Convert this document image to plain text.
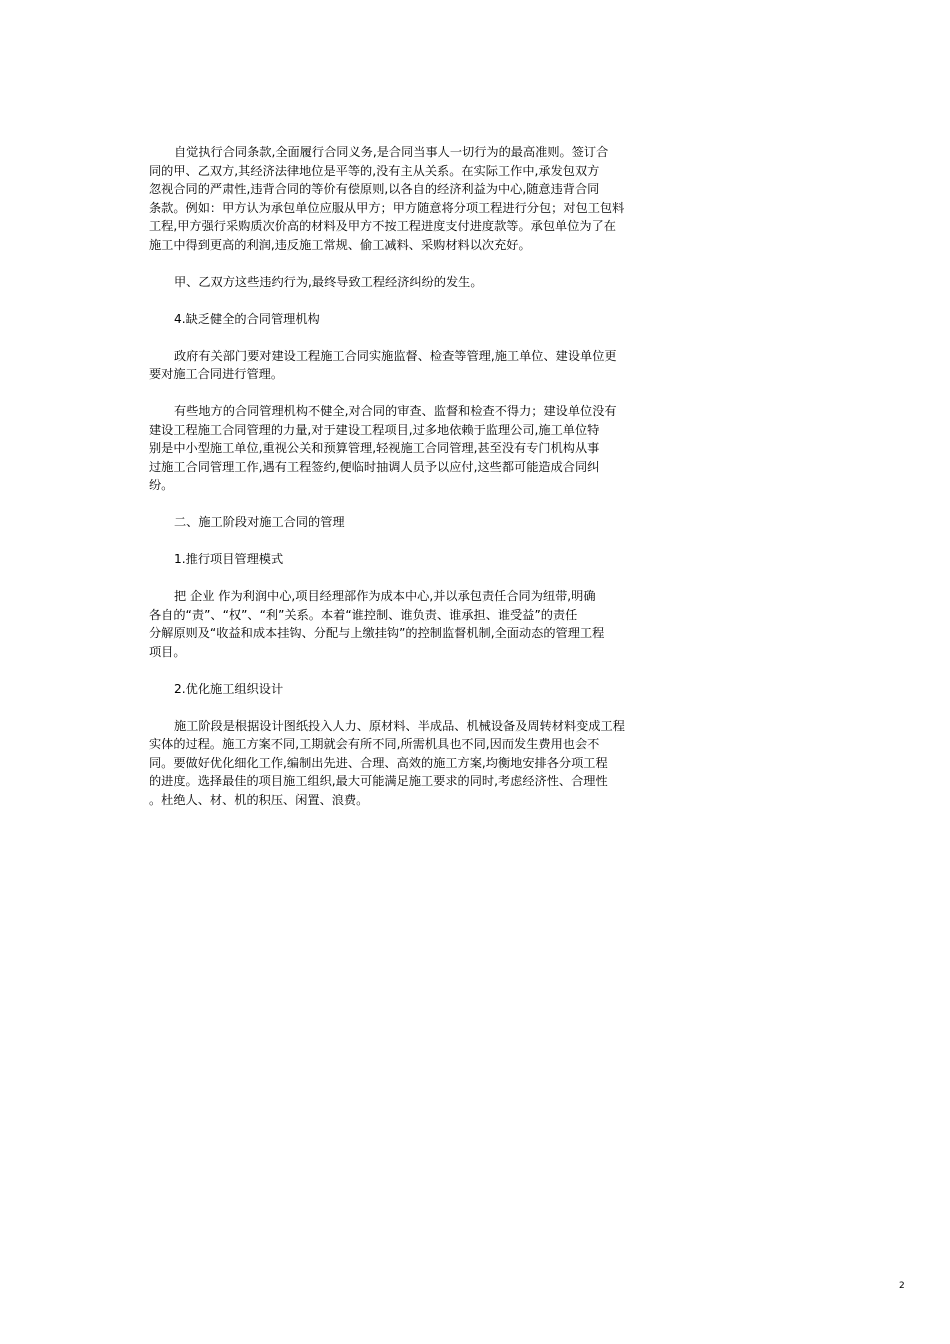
自觉执行合同条款,全面履行合同义务,是合同当事人一切行为的最高准则。签订合
同的甲、乙双方,其经济法律地位是平等的,没有主从关系。在实际工作中,承发包双方
忽视合同的严肃性,违背合同的等价有偿原则,以各自的经济利益为中心,随意违背合同
条款。例如：甲方认为承包单位应服从甲方；甲方随意将分项工程进行分包；对包工包料
工程,甲方强行采购质次价高的材料及甲方不按工程进度支付进度款等。承包单位为了在
施工中得到更高的利润,违反施工常规、偷工减料、采购材料以次充好。

甲、乙双方这些违约行为,最终导致工程经济纠纷的发生。

4.缺乏健全的合同管理机构

政府有关部门要对建设工程施工合同实施监督、检查等管理,施工单位、建设单位更
要对施工合同进行管理。

有些地方的合同管理机构不健全,对合同的审查、监督和检查不得力；建设单位没有
建设工程施工合同管理的力量,对于建设工程项目,过多地依赖于监理公司,施工单位特
别是中小型施工单位,重视公关和预算管理,轻视施工合同管理,甚至没有专门机构从事
过施工合同管理工作,遇有工程签约,便临时抽调人员予以应付,这些都可能造成合同纠
纷。

二、施工阶段对施工合同的管理

1.推行项目管理模式

把 企业 作为利润中心,项目经理部作为成本中心,并以承包责任合同为纽带,明确
各自的“责”、“权”、“利”关系。本着“谁控制、谁负责、谁承担、谁受益”的责任
分解原则及“收益和成本挂钩、分配与上缴挂钩”的控制监督机制,全面动态的管理工程
项目。

2.优化施工组织设计

施工阶段是根据设计图纸投入人力、原材料、半成品、机械设备及周转材料变成工程
实体的过程。施工方案不同,工期就会有所不同,所需机具也不同,因而发生费用也会不
同。要做好优化细化工作,编制出先进、合理、高效的施工方案,均衡地安排各分项工程
的进度。选择最佳的项目施工组织,最大可能满足施工要求的同时,考虑经济性、合理性
。杜绝人、材、机的积压、闲置、浪费。

2
